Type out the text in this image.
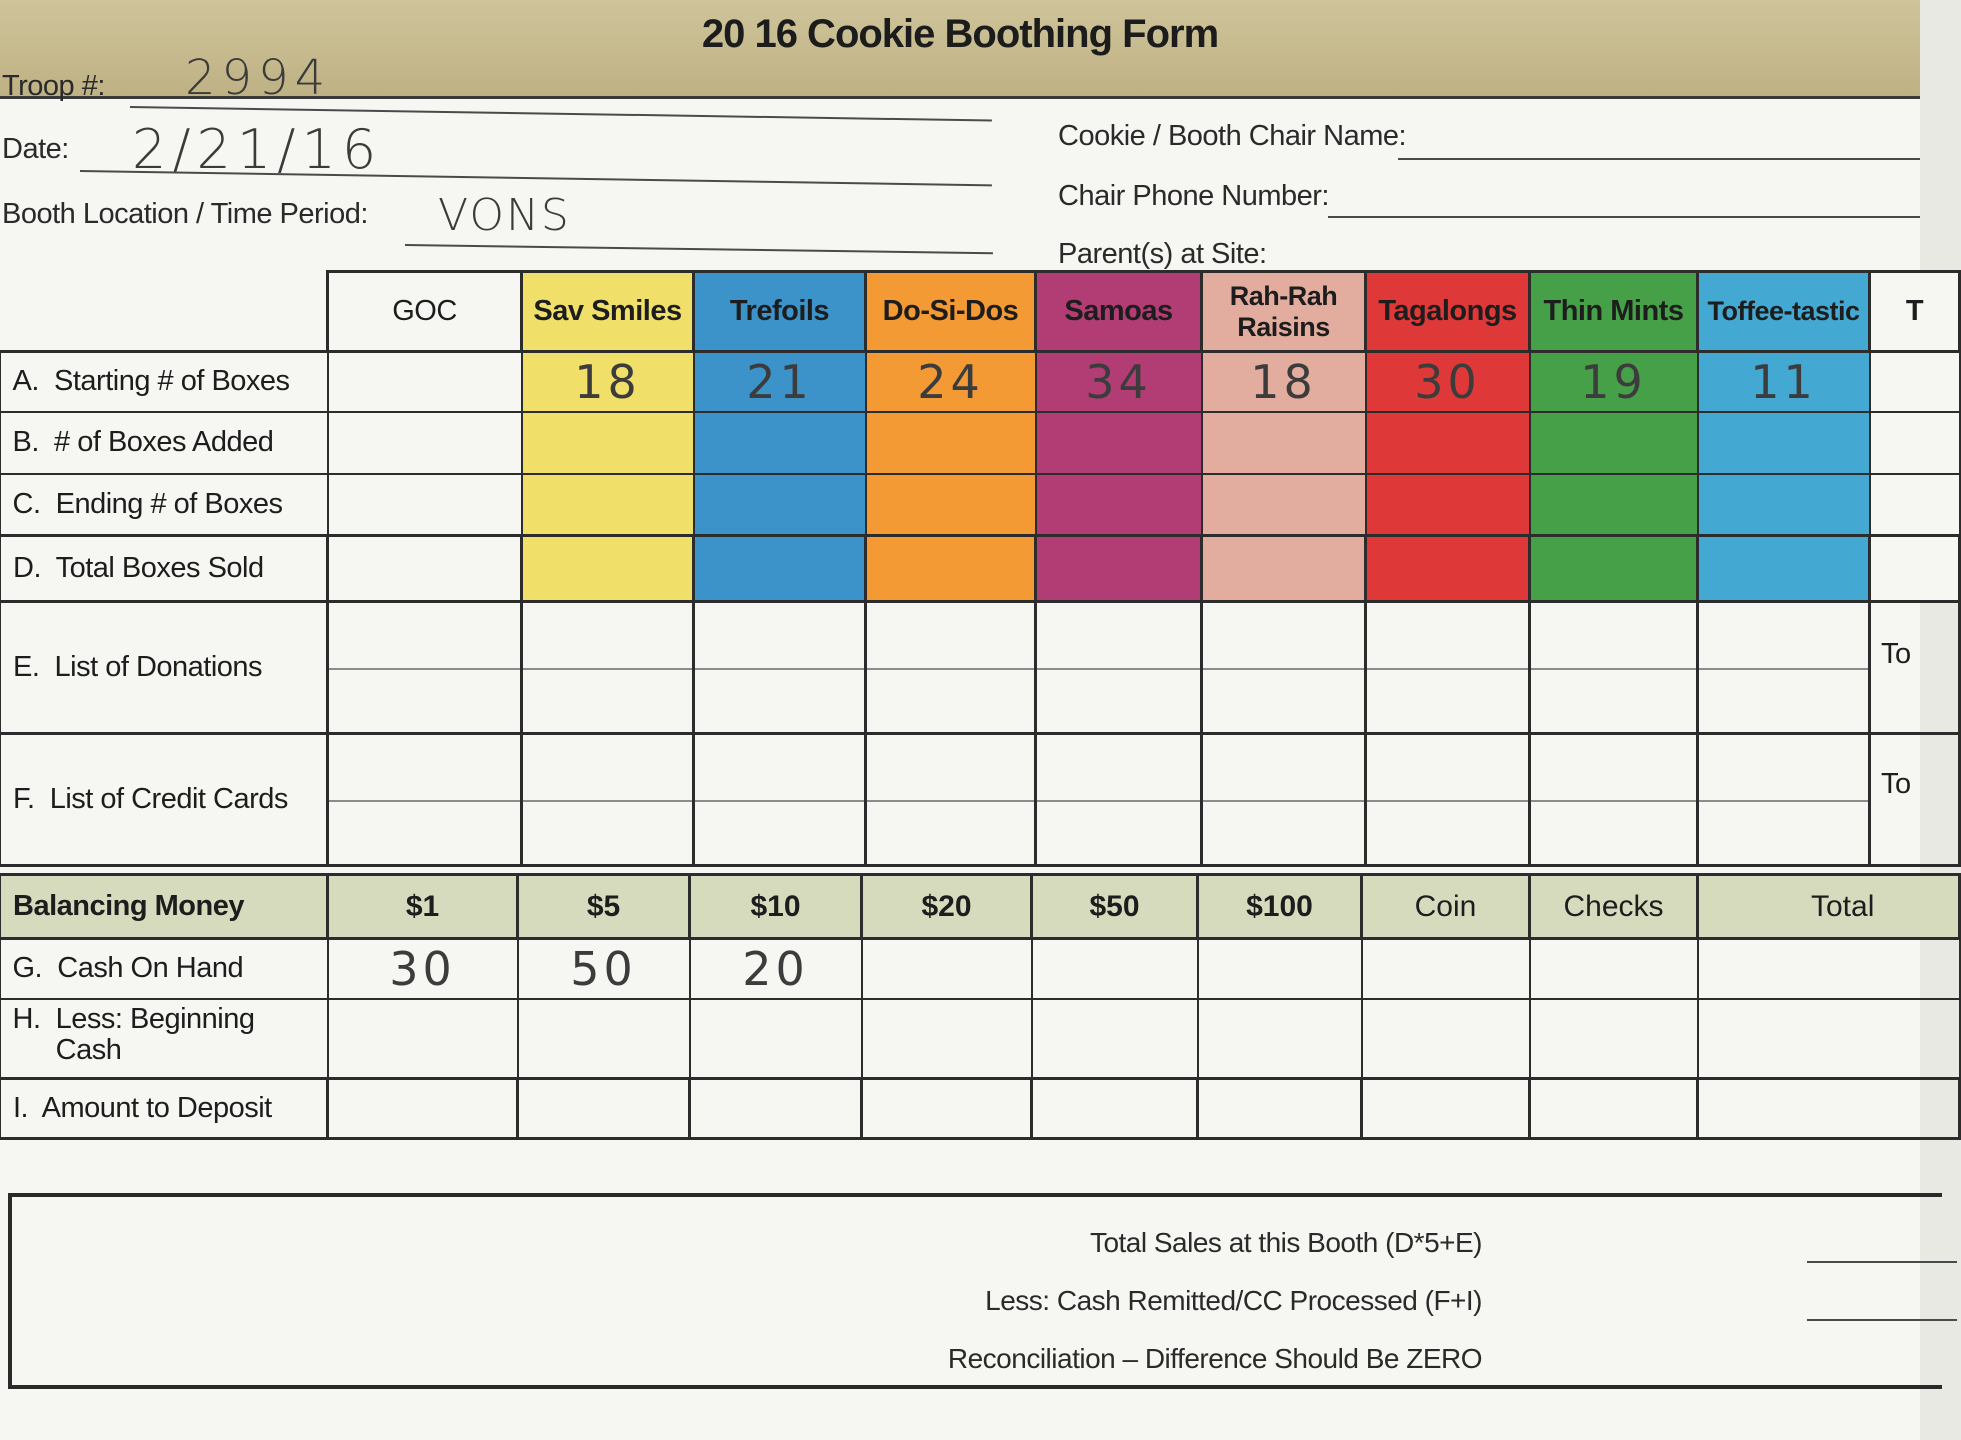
20 16 Cookie Boothing Form
Troop #: 2994
Date: 2/21/16
Booth Location / Time Period: VONS
Cookie / Booth Chair Name:
Chair Phone Number:
Parent(s) at Site:
	GOC	Sav Smiles	Trefoils	Do-Si-Dos	Samoas	Rah-Rah Raisins	Tagalongs	Thin Mints	Toffee-tastic	T
A. Starting # of Boxes		18	21	24	34	18	30	19	11	
B. # of Boxes Added										
C. Ending # of Boxes										
D. Total Boxes Sold										
E. List of Donations										To
F. List of Credit Cards										To
Balancing Money	$1	$5	$10	$20	$50	$100	Coin	Checks	Total
G. Cash On Hand	30	50	20						
H. Less: Beginning Cash									
I. Amount to Deposit									
Total Sales at this Booth (D*5+E)
Less: Cash Remitted/CC Processed (F+I)
Reconciliation – Difference Should Be ZERO
